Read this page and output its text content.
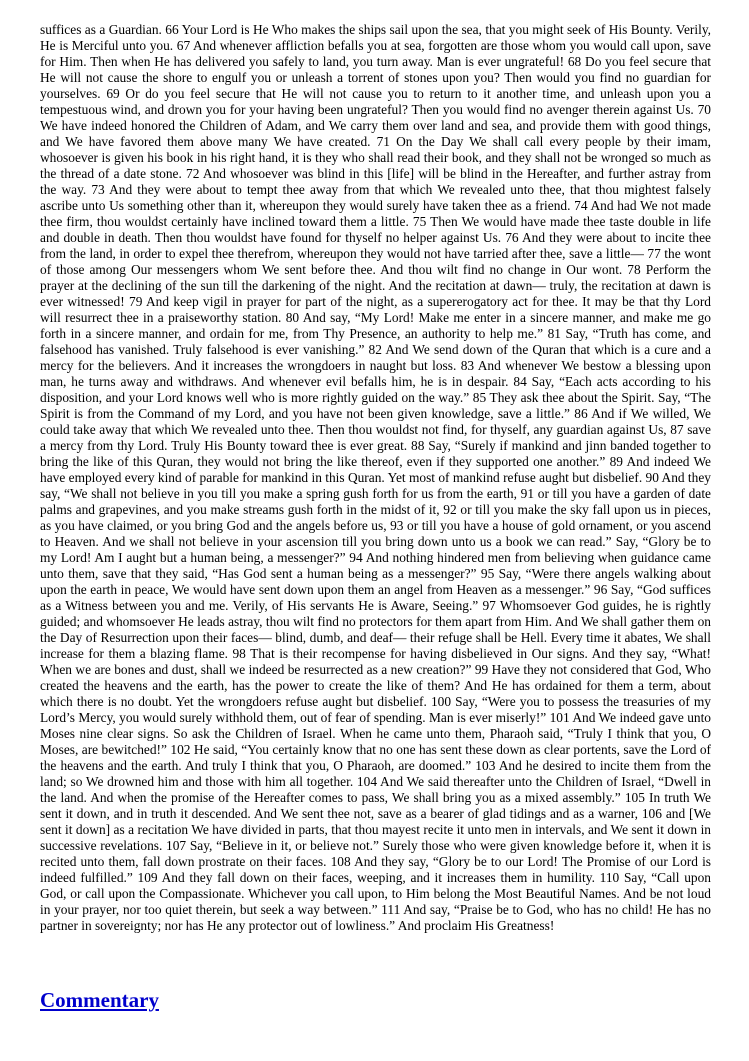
suffices as a Guardian. 66 Your Lord is He Who makes the ships sail upon the sea, that you might seek of His Bounty. Verily, He is Merciful unto you. 67 And whenever affliction befalls you at sea, forgotten are those whom you would call upon, save for Him. Then when He has delivered you safely to land, you turn away. Man is ever ungrateful! 68 Do you feel secure that He will not cause the shore to engulf you or unleash a torrent of stones upon you? Then would you find no guardian for yourselves. 69 Or do you feel secure that He will not cause you to return to it another time, and unleash upon you a tempestuous wind, and drown you for your having been ungrateful? Then you would find no avenger therein against Us. 70 We have indeed honored the Children of Adam, and We carry them over land and sea, and provide them with good things, and We have favored them above many We have created. 71 On the Day We shall call every people by their imam, whosoever is given his book in his right hand, it is they who shall read their book, and they shall not be wronged so much as the thread of a date stone. 72 And whosoever was blind in this [life] will be blind in the Hereafter, and further astray from the way. 73 And they were about to tempt thee away from that which We revealed unto thee, that thou mightest falsely ascribe unto Us something other than it, whereupon they would surely have taken thee as a friend. 74 And had We not made thee firm, thou wouldst certainly have inclined toward them a little. 75 Then We would have made thee taste double in life and double in death. Then thou wouldst have found for thyself no helper against Us. 76 And they were about to incite thee from the land, in order to expel thee therefrom, whereupon they would not have tarried after thee, save a little— 77 the wont of those among Our messengers whom We sent before thee. And thou wilt find no change in Our wont. 78 Perform the prayer at the declining of the sun till the darkening of the night. And the recitation at dawn— truly, the recitation at dawn is ever witnessed! 79 And keep vigil in prayer for part of the night, as a supererogatory act for thee. It may be that thy Lord will resurrect thee in a praiseworthy station. 80 And say, “My Lord! Make me enter in a sincere manner, and make me go forth in a sincere manner, and ordain for me, from Thy Presence, an authority to help me.” 81 Say, “Truth has come, and falsehood has vanished. Truly falsehood is ever vanishing.” 82 And We send down of the Quran that which is a cure and a mercy for the believers. And it increases the wrongdoers in naught but loss. 83 And whenever We bestow a blessing upon man, he turns away and withdraws. And whenever evil befalls him, he is in despair. 84 Say, “Each acts according to his disposition, and your Lord knows well who is more rightly guided on the way.” 85 They ask thee about the Spirit. Say, “The Spirit is from the Command of my Lord, and you have not been given knowledge, save a little.” 86 And if We willed, We could take away that which We revealed unto thee. Then thou wouldst not find, for thyself, any guardian against Us, 87 save a mercy from thy Lord. Truly His Bounty toward thee is ever great. 88 Say, “Surely if mankind and jinn banded together to bring the like of this Quran, they would not bring the like thereof, even if they supported one another.” 89 And indeed We have employed every kind of parable for mankind in this Quran. Yet most of mankind refuse aught but disbelief. 90 And they say, “We shall not believe in you till you make a spring gush forth for us from the earth, 91 or till you have a garden of date palms and grapevines, and you make streams gush forth in the midst of it, 92 or till you make the sky fall upon us in pieces, as you have claimed, or you bring God and the angels before us, 93 or till you have a house of gold ornament, or you ascend to Heaven. And we shall not believe in your ascension till you bring down unto us a book we can read.” Say, “Glory be to my Lord! Am I aught but a human being, a messenger?” 94 And nothing hindered men from believing when guidance came unto them, save that they said, “Has God sent a human being as a messenger?” 95 Say, “Were there angels walking about upon the earth in peace, We would have sent down upon them an angel from Heaven as a messenger.” 96 Say, “God suffices as a Witness between you and me. Verily, of His servants He is Aware, Seeing.” 97 Whomsoever God guides, he is rightly guided; and whomsoever He leads astray, thou wilt find no protectors for them apart from Him. And We shall gather them on the Day of Resurrection upon their faces— blind, dumb, and deaf— their refuge shall be Hell. Every time it abates, We shall increase for them a blazing flame. 98 That is their recompense for having disbelieved in Our signs. And they say, “What! When we are bones and dust, shall we indeed be resurrected as a new creation?” 99 Have they not considered that God, Who created the heavens and the earth, has the power to create the like of them? And He has ordained for them a term, about which there is no doubt. Yet the wrongdoers refuse aught but disbelief. 100 Say, “Were you to possess the treasuries of my Lord’s Mercy, you would surely withhold them, out of fear of spending. Man is ever miserly!” 101 And We indeed gave unto Moses nine clear signs. So ask the Children of Israel. When he came unto them, Pharaoh said, “Truly I think that you, O Moses, are bewitched!” 102 He said, “You certainly know that no one has sent these down as clear portents, save the Lord of the heavens and the earth. And truly I think that you, O Pharaoh, are doomed.” 103 And he desired to incite them from the land; so We drowned him and those with him all together. 104 And We said thereafter unto the Children of Israel, “Dwell in the land. And when the promise of the Hereafter comes to pass, We shall bring you as a mixed assembly.” 105 In truth We sent it down, and in truth it descended. And We sent thee not, save as a bearer of glad tidings and as a warner, 106 and [We sent it down] as a recitation We have divided in parts, that thou mayest recite it unto men in intervals, and We sent it down in successive revelations. 107 Say, “Believe in it, or believe not.” Surely those who were given knowledge before it, when it is recited unto them, fall down prostrate on their faces. 108 And they say, “Glory be to our Lord! The Promise of our Lord is indeed fulfilled.” 109 And they fall down on their faces, weeping, and it increases them in humility. 110 Say, “Call upon God, or call upon the Compassionate. Whichever you call upon, to Him belong the Most Beautiful Names. And be not loud in your prayer, nor too quiet therein, but seek a way between.” 111 And say, “Praise be to God, who has no child! He has no partner in sovereignty; nor has He any protector out of lowliness.” And proclaim His Greatness!

Commentary
